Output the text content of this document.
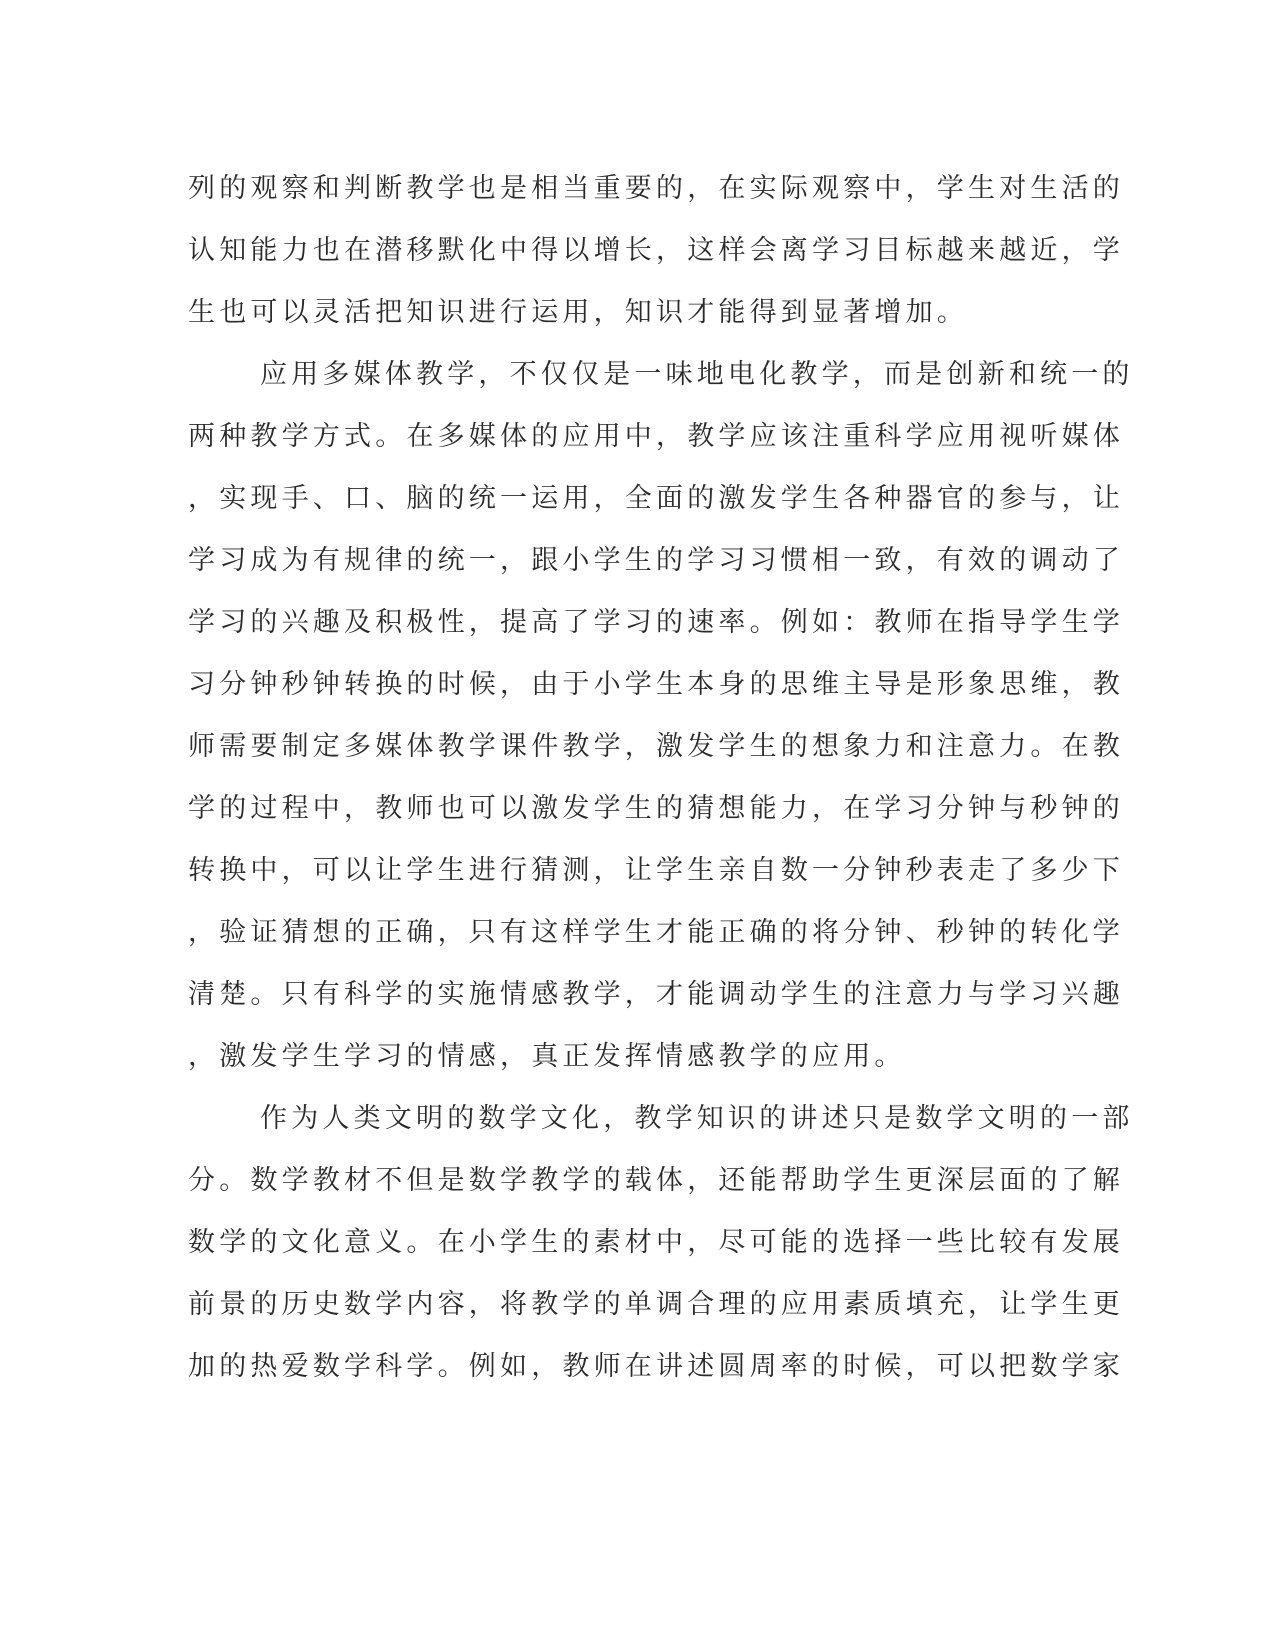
列的观察和判断教学也是相当重要的，在实际观察中，学生对生活的
认知能力也在潜移默化中得以增长，这样会离学习目标越来越近，学
生也可以灵活把知识进行运用，知识才能得到显著增加。
应用多媒体教学，不仅仅是一味地电化教学，而是创新和统一的
两种教学方式。在多媒体的应用中，教学应该注重科学应用视听媒体
，实现手、口、脑的统一运用，全面的激发学生各种器官的参与，让
学习成为有规律的统一，跟小学生的学习习惯相一致，有效的调动了
学习的兴趣及积极性，提高了学习的速率。例如：教师在指导学生学
习分钟秒钟转换的时候，由于小学生本身的思维主导是形象思维，教
师需要制定多媒体教学课件教学，激发学生的想象力和注意力。在教
学的过程中，教师也可以激发学生的猜想能力，在学习分钟与秒钟的
转换中，可以让学生进行猜测，让学生亲自数一分钟秒表走了多少下
，验证猜想的正确，只有这样学生才能正确的将分钟、秒钟的转化学
清楚。只有科学的实施情感教学，才能调动学生的注意力与学习兴趣
，激发学生学习的情感，真正发挥情感教学的应用。
作为人类文明的数学文化，教学知识的讲述只是数学文明的一部
分。数学教材不但是数学教学的载体，还能帮助学生更深层面的了解
数学的文化意义。在小学生的素材中，尽可能的选择一些比较有发展
前景的历史数学内容，将教学的单调合理的应用素质填充，让学生更
加的热爱数学科学。例如，教师在讲述圆周率的时候，可以把数学家
